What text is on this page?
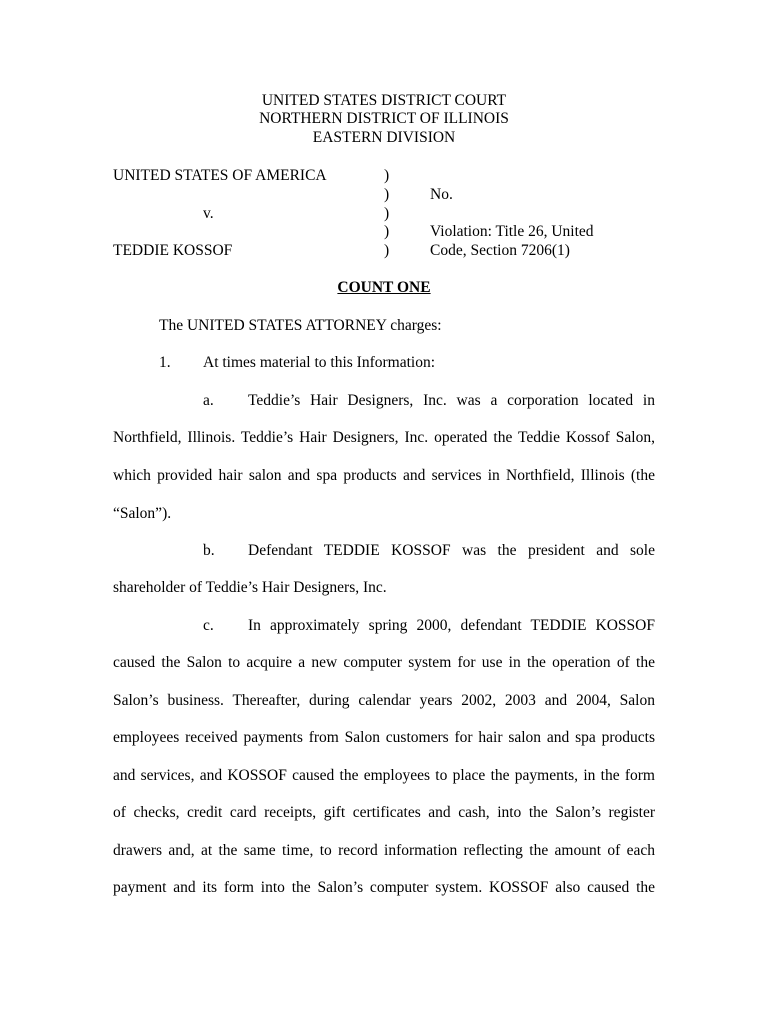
UNITED STATES DISTRICT COURT
NORTHERN DISTRICT OF ILLINOIS
EASTERN DIVISION
UNITED STATES OF AMERICA
v.
TEDDIE KOSSOF
)
)
)
)
)
No.
Violation: Title 26, United
Code, Section 7206(1)
COUNT ONE
The UNITED STATES ATTORNEY charges:
1. At times material to this Information:
a. Teddie’s Hair Designers, Inc. was a corporation located in
Northfield, Illinois. Teddie’s Hair Designers, Inc. operated the Teddie Kossof Salon,
which provided hair salon and spa products and services in Northfield, Illinois (the
“Salon”).
b. Defendant TEDDIE KOSSOF was the president and sole
shareholder of Teddie’s Hair Designers, Inc.
c. In approximately spring 2000, defendant TEDDIE KOSSOF
caused the Salon to acquire a new computer system for use in the operation of the
Salon’s business. Thereafter, during calendar years 2002, 2003 and 2004, Salon
employees received payments from Salon customers for hair salon and spa products
and services, and KOSSOF caused the employees to place the payments, in the form
of checks, credit card receipts, gift certificates and cash, into the Salon’s register
drawers and, at the same time, to record information reflecting the amount of each
payment and its form into the Salon’s computer system. KOSSOF also caused the
